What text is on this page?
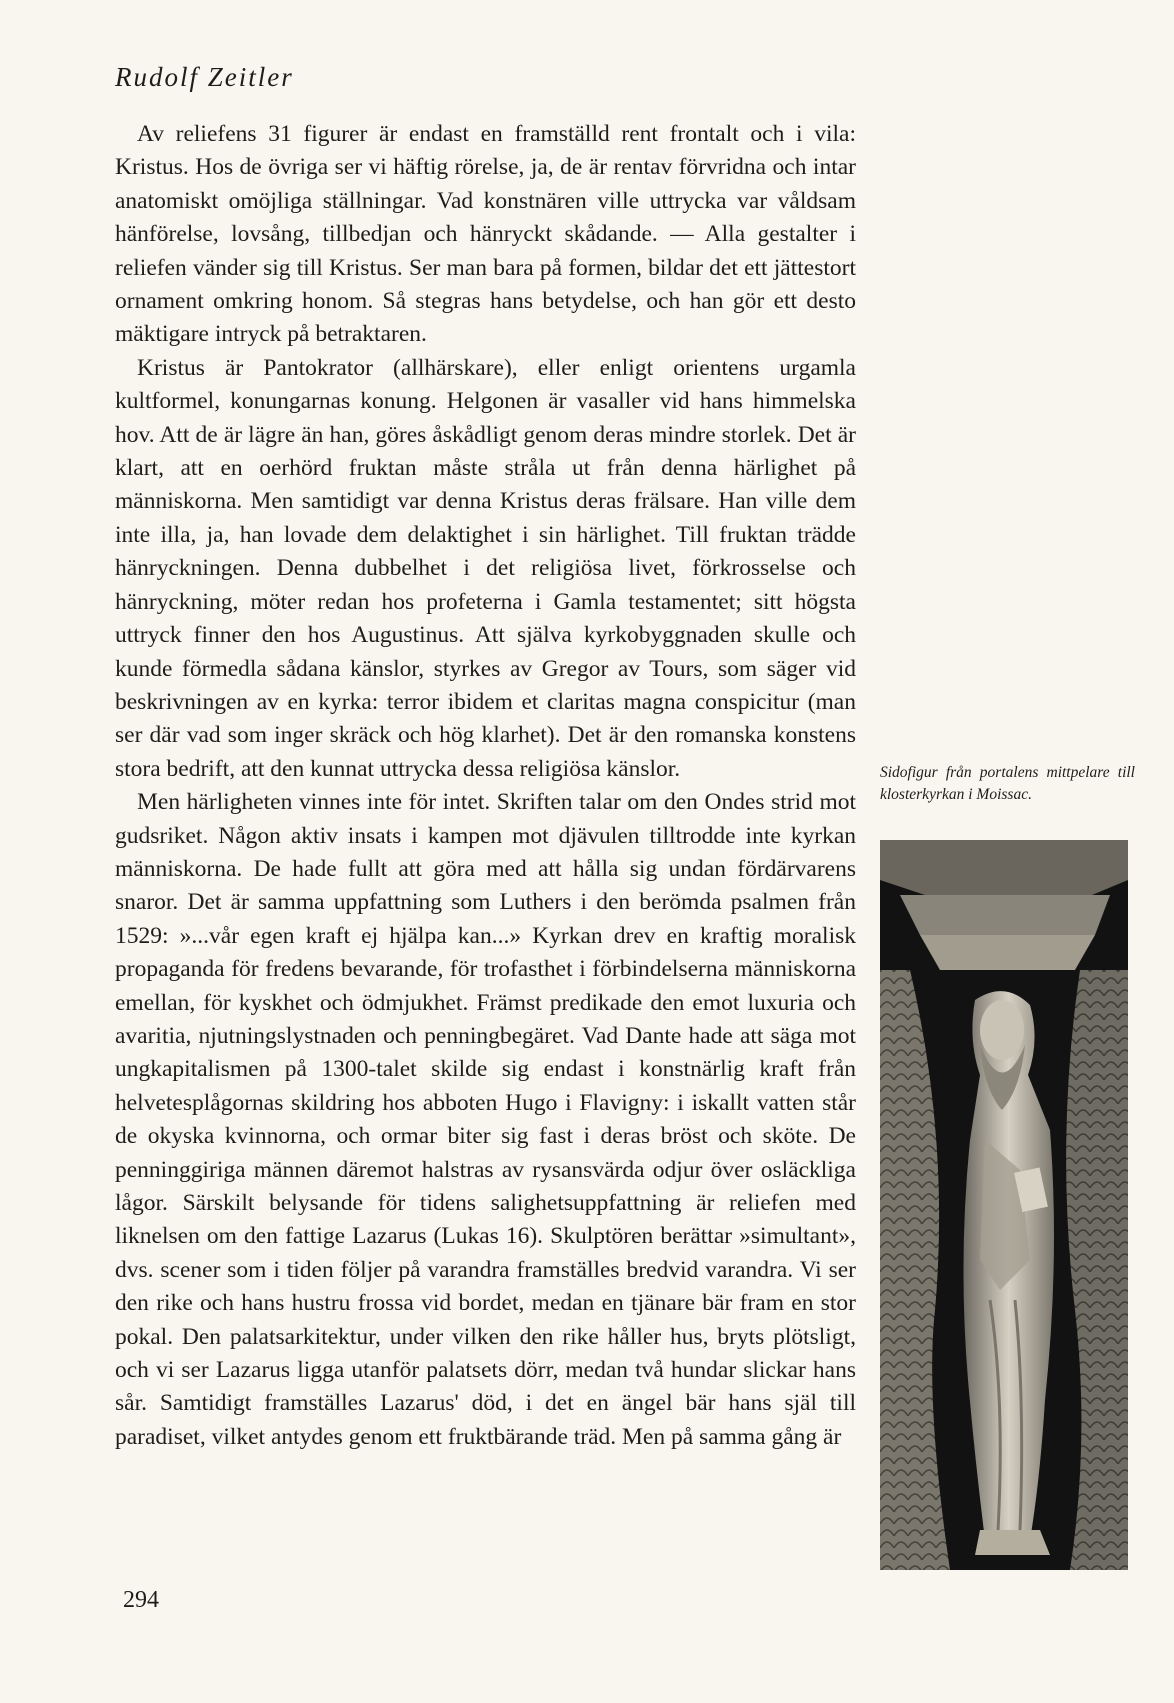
Rudolf Zeitler

Av reliefens 31 figurer är endast en framställd rent frontalt och i vila: Kristus. Hos de övriga ser vi häftig rörelse, ja, de är rentav förvridna och intar anatomiskt omöjliga ställningar. Vad konstnären ville uttrycka var våldsam hänförelse, lovsång, tillbedjan och hänryckt skådande. — Alla gestalter i reliefen vänder sig till Kristus. Ser man bara på formen, bildar det ett jättestort ornament omkring honom. Så stegras hans betydelse, och han gör ett desto mäktigare intryck på betraktaren.

Kristus är Pantokrator (allhärskare), eller enligt orientens urgamla kultformel, konungarnas konung. Helgonen är vasaller vid hans himmelska hov. Att de är lägre än han, göres åskådligt genom deras mindre storlek. Det är klart, att en oerhörd fruktan måste stråla ut från denna härlighet på människorna. Men samtidigt var denna Kristus deras frälsare. Han ville dem inte illa, ja, han lovade dem delaktighet i sin härlighet. Till fruktan trädde hänryckningen. Denna dubbelhet i det religiösa livet, förkrosselse och hänryckning, möter redan hos profeterna i Gamla testamentet; sitt högsta uttryck finner den hos Augustinus. Att själva kyrkobyggnaden skulle och kunde förmedla sådana känslor, styrkes av Gregor av Tours, som säger vid beskrivningen av en kyrka: terror ibidem et claritas magna conspicitur (man ser där vad som inger skräck och hög klarhet). Det är den romanska konstens stora bedrift, att den kunnat uttrycka dessa religiösa känslor.

Men härligheten vinnes inte för intet. Skriften talar om den Ondes strid mot gudsriket. Någon aktiv insats i kampen mot djävulen tilltrodde inte kyrkan människorna. De hade fullt att göra med att hålla sig undan fördärvarens snaror. Det är samma uppfattning som Luthers i den berömda psalmen från 1529: »...vår egen kraft ej hjälpa kan...» Kyrkan drev en kraftig moralisk propaganda för fredens bevarande, för trofasthet i förbindelserna människorna emellan, för kyskhet och ödmjukhet. Främst predikade den emot luxuria och avaritia, njutningslystnaden och penningbegäret. Vad Dante hade att säga mot ungkapitalismen på 1300-talet skilde sig endast i konstnärlig kraft från helvetesplågornas skildring hos abboten Hugo i Flavigny: i iskallt vatten står de okyska kvinnorna, och ormar biter sig fast i deras bröst och sköte. De penninggiriga männen däremot halstras av rysansvärda odjur över osläckliga lågor. Särskilt belysande för tidens salighetsuppfattning är reliefen med liknelsen om den fattige Lazarus (Lukas 16). Skulptören berättar »simultant», dvs. scener som i tiden följer på varandra framställes bredvid varandra. Vi ser den rike och hans hustru frossa vid bordet, medan en tjänare bär fram en stor pokal. Den palatsarkitektur, under vilken den rike håller hus, bryts plötsligt, och vi ser Lazarus ligga utanför palatsets dörr, medan två hundar slickar hans sår. Samtidigt framställes Lazarus' död, i det en ängel bär hans själ till paradiset, vilket antydes genom ett fruktbärande träd. Men på samma gång är

Sidofigur från portalens mittpelare till klosterkyrkan i Moissac.
294
